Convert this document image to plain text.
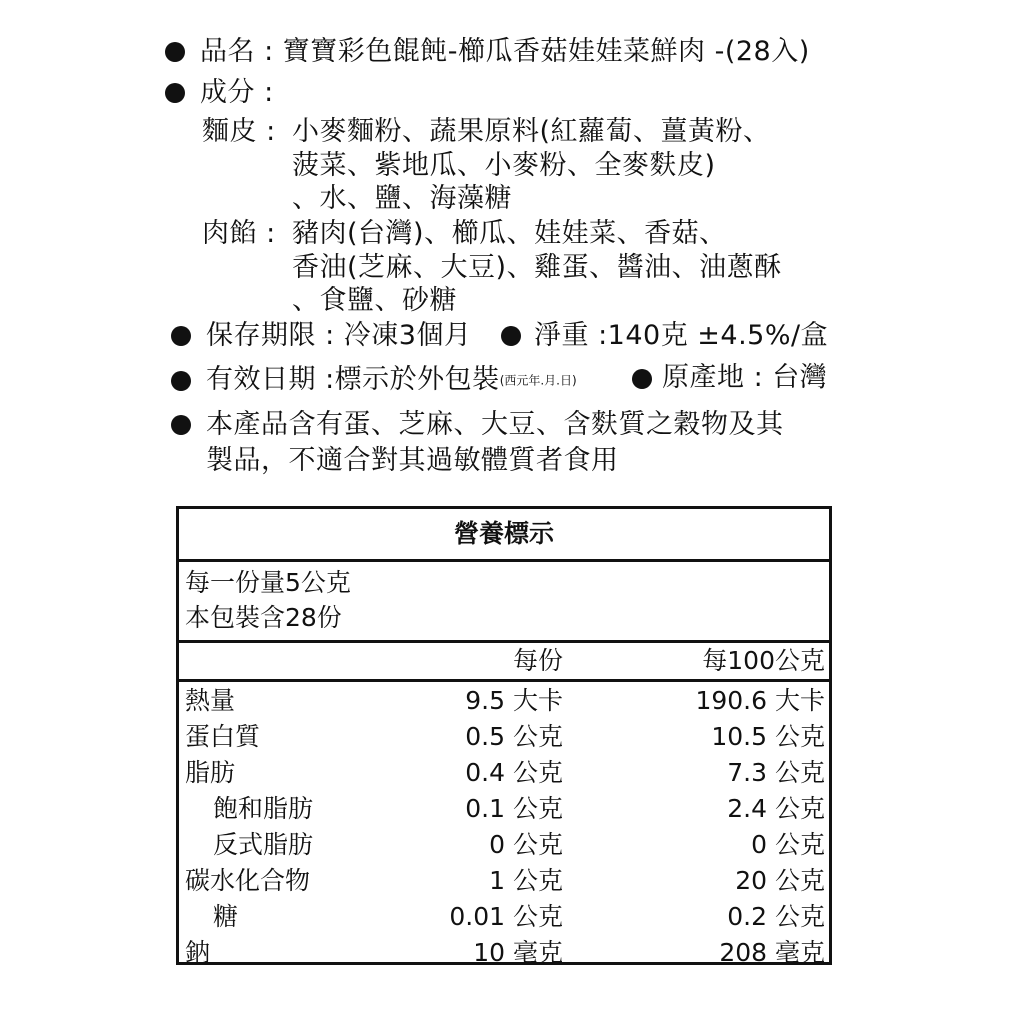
品名 : 寶寶彩色餛飩-櫛瓜香菇娃娃菜鮮肉 -(28入)
成分 :
麵皮 : 小麥麵粉、蔬果原料(紅蘿蔔、薑黃粉、
菠菜、紫地瓜、小麥粉、全麥麩皮)
、水、鹽、海藻糖
肉餡 : 豬肉(台灣)、櫛瓜、娃娃菜、香菇、
香油(芝麻、大豆)、雞蛋、醬油、油蔥酥
、食鹽、砂糖
保存期限 : 冷凍3個月 淨重 :140克 ±4.5%/盒
有效日期 :標示於外包裝(西元年.月.日)	原產地 : 台灣
本產品含有蛋、芝麻、大豆、含麩質之穀物及其
製品，不適合對其過敏體質者食用
營養標示
每一份量5公克
本包裝含28份
每份	每100公克
熱量	9.5 大卡	190.6 大卡
蛋白質	0.5 公克	10.5 公克
脂肪	0.4 公克	7.3 公克
飽和脂肪	0.1 公克	2.4 公克
反式脂肪	0 公克	0 公克
碳水化合物	1 公克	20 公克
糖	0.01 公克	0.2 公克
鈉	10 毫克	208 毫克
